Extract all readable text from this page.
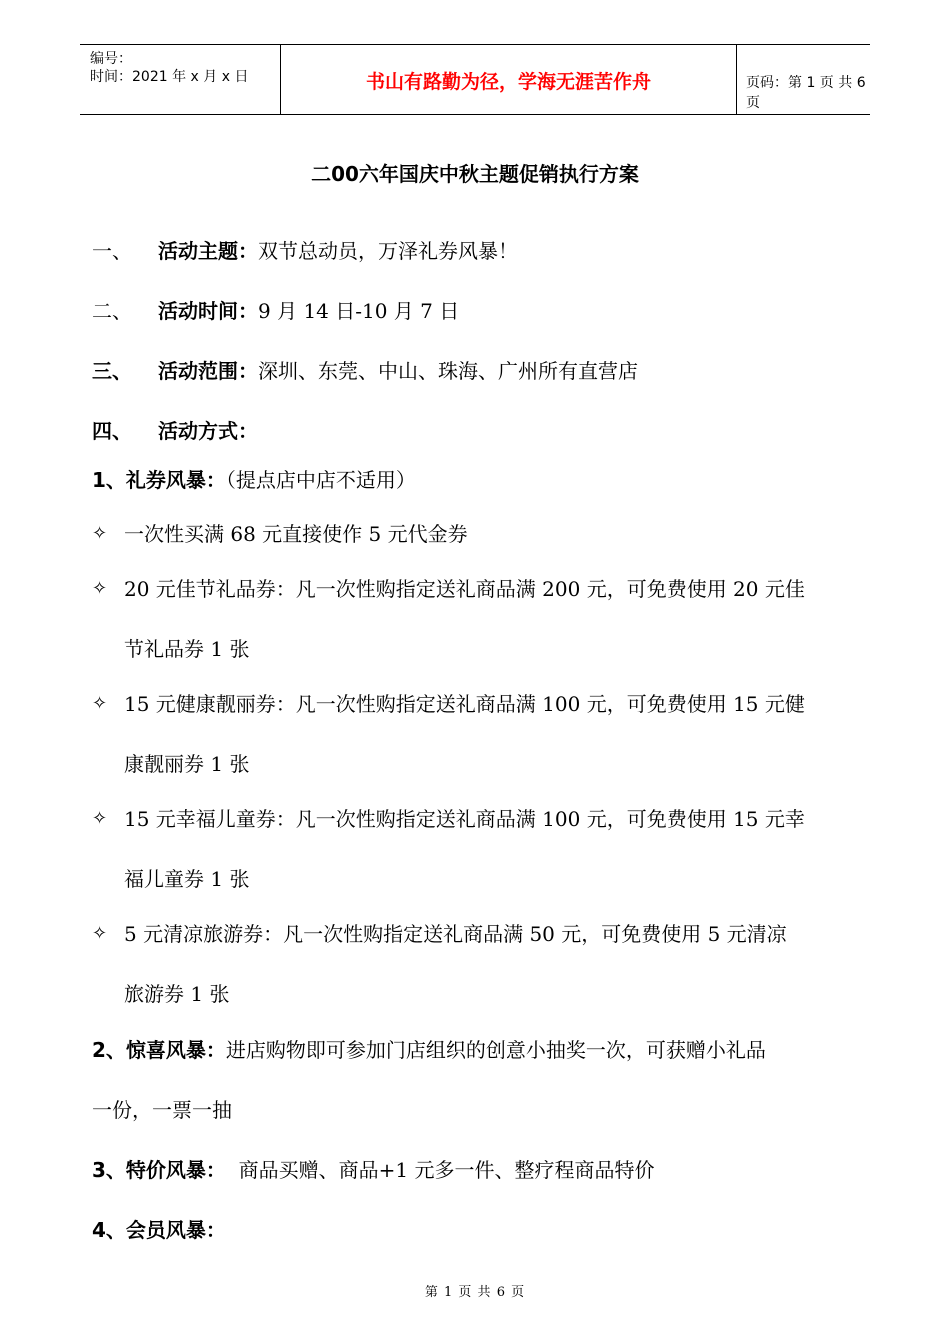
编号：
时间：2021 年 x 月 x 日	书山有路勤为径，学海无涯苦作舟	页码：第 1 页 共 6 页
二00六年国庆中秋主题促销执行方案
一、 活动主题：双节总动员，万泽礼券风暴！
二、 活动时间：9 月 14 日-10 月 7 日
三、 活动范围：深圳、东莞、中山、珠海、广州所有直营店
四、 活动方式：
1、礼券风暴：（提点店中店不适用）
✧ 一次性买满 68 元直接使作 5 元代金券
✧ 20 元佳节礼品券：凡一次性购指定送礼商品满 200 元，可免费使用 20 元佳
节礼品券 1 张
✧ 15 元健康靓丽券：凡一次性购指定送礼商品满 100 元，可免费使用 15 元健
康靓丽券 1 张
✧ 15 元幸福儿童券：凡一次性购指定送礼商品满 100 元，可免费使用 15 元幸
福儿童券 1 张
✧ 5 元清凉旅游券：凡一次性购指定送礼商品满 50 元，可免费使用 5 元清凉
旅游券 1 张
2、惊喜风暴：进店购物即可参加门店组织的创意小抽奖一次，可获赠小礼品
一份，一票一抽
3、特价风暴：  商品买赠、商品+1 元多一件、整疗程商品特价
4、会员风暴：
第 1 页 共 6 页
